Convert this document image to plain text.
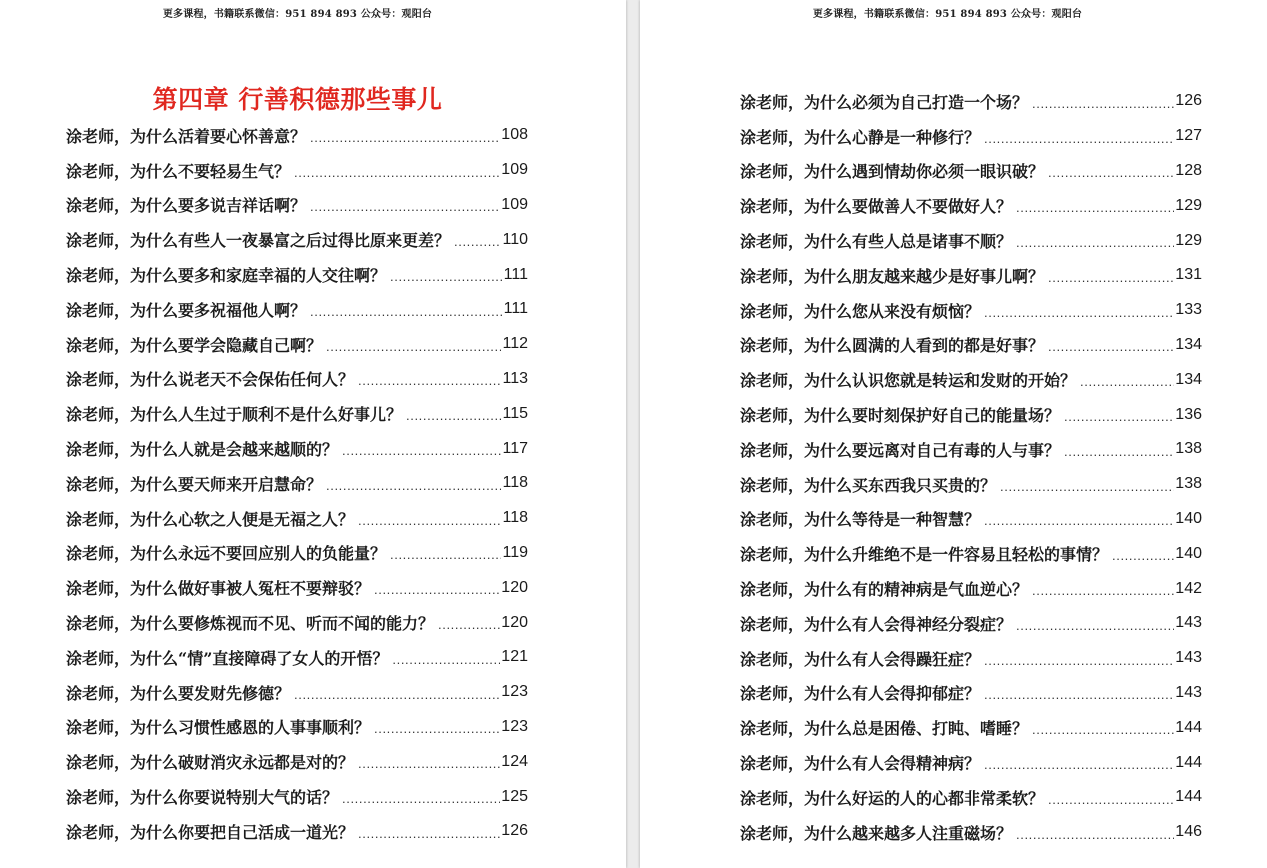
更多课程，书籍联系微信：951 894 893 公众号：观阳台
第四章 行善积德那些事儿
涂老师，为什么活着要心怀善意？ .....	108
涂老师，为什么不要轻易生气？ .....	109
涂老师，为什么要多说吉祥话啊？ .....	109
涂老师，为什么有些人一夜暴富之后过得比原来更差？ .....	110
涂老师，为什么要多和家庭幸福的人交往啊？ .....	111
涂老师，为什么要多祝福他人啊？ .....	111
涂老师，为什么要学会隐藏自己啊？ .....	112
涂老师，为什么说老天不会保佑任何人？ .....	113
涂老师，为什么人生过于顺利不是什么好事儿？ .....	115
涂老师，为什么人就是会越来越顺的？ .....	117
涂老师，为什么要天师来开启慧命？ .....	118
涂老师，为什么心软之人便是无福之人？ .....	118
涂老师，为什么永远不要回应别人的负能量？ .....	119
涂老师，为什么做好事被人冤枉不要辩驳？ .....	120
涂老师，为什么要修炼视而不见、听而不闻的能力？ .....	120
涂老师，为什么“情”直接障碍了女人的开悟？ .....	121
涂老师，为什么要发财先修德？ .....	123
涂老师，为什么习惯性感恩的人事事顺利？ .....	123
涂老师，为什么破财消灾永远都是对的？ .....	124
涂老师，为什么你要说特别大气的话？ .....	125
涂老师，为什么你要把自己活成一道光？ .....	126
更多课程，书籍联系微信：951 894 893 公众号：观阳台
涂老师，为什么必须为自己打造一个场？ .....	126
涂老师，为什么心静是一种修行？ .....	127
涂老师，为什么遇到情劫你必须一眼识破？ .....	128
涂老师，为什么要做善人不要做好人？ .....	129
涂老师，为什么有些人总是诸事不顺？ .....	129
涂老师，为什么朋友越来越少是好事儿啊？ .....	131
涂老师，为什么您从来没有烦恼？ .....	133
涂老师，为什么圆满的人看到的都是好事？ .....	134
涂老师，为什么认识您就是转运和发财的开始？ .....	134
涂老师，为什么要时刻保护好自己的能量场？ .....	136
涂老师，为什么要远离对自己有毒的人与事？ .....	138
涂老师，为什么买东西我只买贵的？ .....	138
涂老师，为什么等待是一种智慧？ .....	140
涂老师，为什么升维绝不是一件容易且轻松的事情？ .....	140
涂老师，为什么有的精神病是气血逆心？ .....	142
涂老师，为什么有人会得神经分裂症？ .....	143
涂老师，为什么有人会得躁狂症？ .....	143
涂老师，为什么有人会得抑郁症？ .....	143
涂老师，为什么总是困倦、打盹、嗜睡？ .....	144
涂老师，为什么有人会得精神病？ .....	144
涂老师，为什么好运的人的心都非常柔软？ .....	144
涂老师，为什么越来越多人注重磁场？ .....	146
